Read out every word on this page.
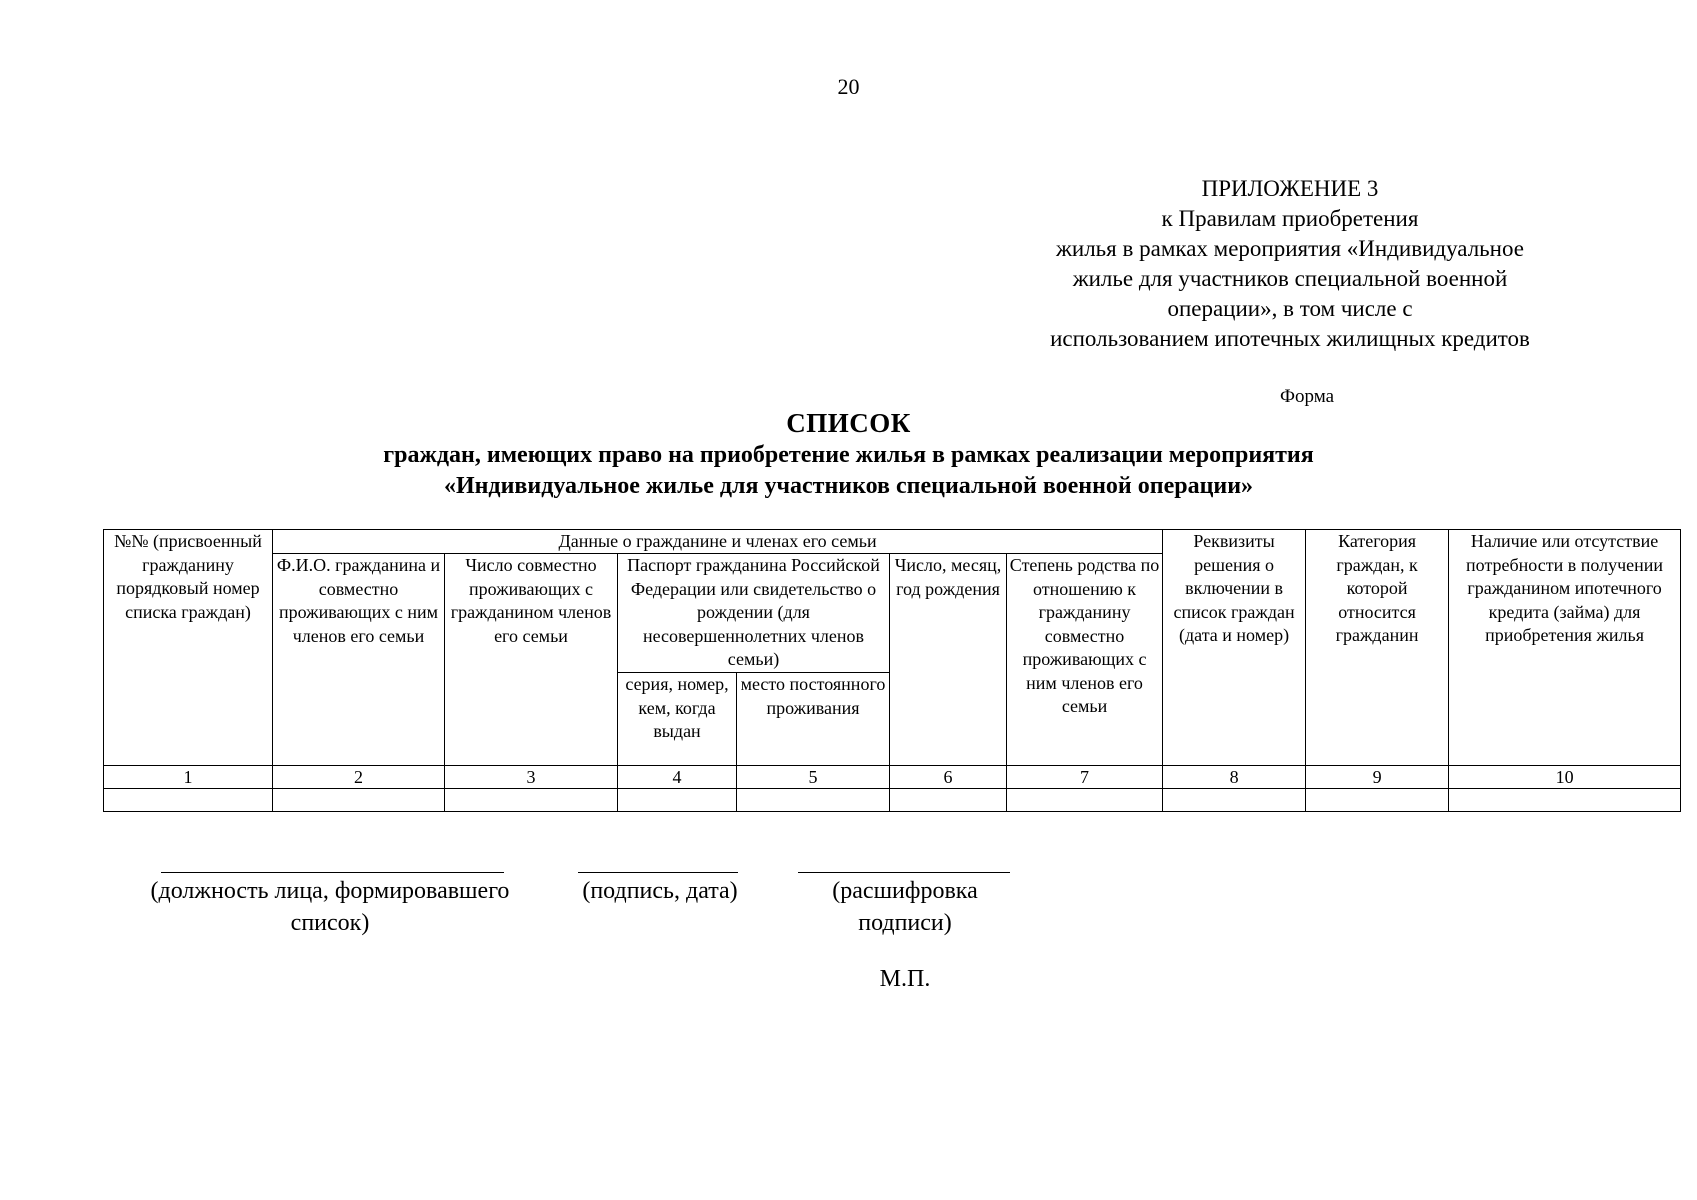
20
ПРИЛОЖЕНИЕ 3
к Правилам приобретения
жилья в рамках мероприятия «Индивидуальное
жилье для участников специальной военной
операции», в том числе с
использованием ипотечных жилищных кредитов
Форма
СПИСОК
граждан, имеющих право на приобретение жилья в рамках реализации мероприятия
«Индивидуальное жилье для участников специальной военной операции»
№№ (присвоенный гражданину порядковый номер списка граждан)	Данные о гражданине и членах его семьи						Реквизиты решения о включении в список граждан (дата и номер)	Категория граждан, к которой относится гражданин	Наличие или отсутствие потребности в получении гражданином ипотечного кредита (займа) для приобретения жилья
	Ф.И.О. гражданина и совместно проживающих с ним членов его семьи	Число совместно проживающих с гражданином членов его семьи	Паспорт гражданина Российской Федерации или свидетельство о рождении (для несовершеннолетних членов семьи)		Число, месяц, год рождения	Степень родства по отношению к гражданину совместно проживающих с ним членов его семьи			
			серия, номер, кем, когда выдан	место постоянного проживания					
1	2	3	4	5	6	7	8	9	10

(должность лица, формировавшего список)
(подпись, дата)	(расшифровка подписи)
М.П.
